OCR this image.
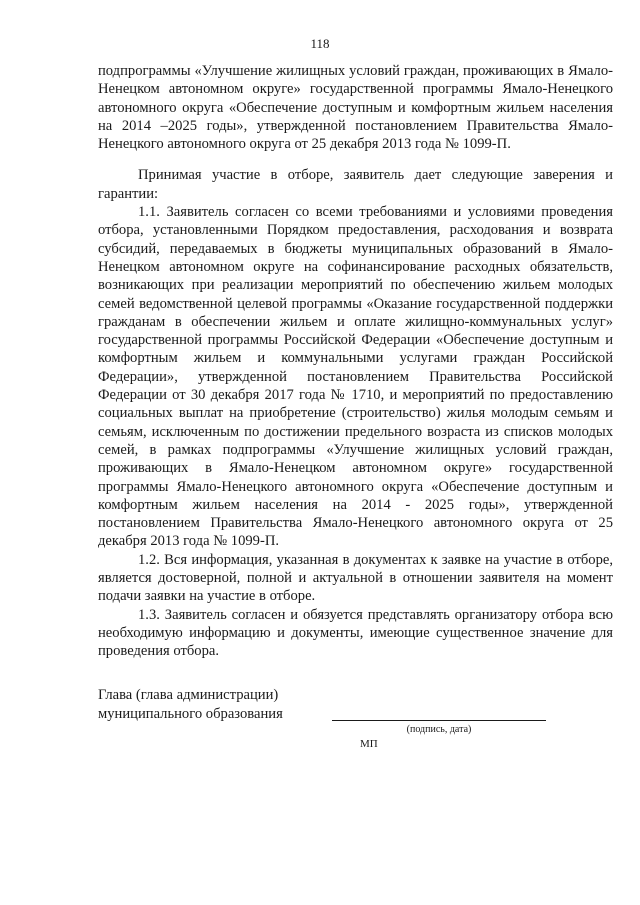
118

подпрограммы «Улучшение жилищных условий граждан, проживающих в Ямало-Ненецком автономном округе» государственной программы Ямало-Ненецкого автономного округа «Обеспечение доступным и комфортным жильем населения на 2014 –2025 годы», утвержденной постановлением Правительства Ямало-Ненецкого автономного округа от 25 декабря 2013 года № 1099-П.

Принимая участие в отборе, заявитель дает следующие заверения и гарантии:

1.1. Заявитель согласен со всеми требованиями и условиями проведения отбора, установленными Порядком предоставления, расходования и возврата субсидий, передаваемых в бюджеты муниципальных образований в Ямало-Ненецком автономном округе на софинансирование расходных обязательств, возникающих при реализации мероприятий по обеспечению жильем молодых семей ведомственной целевой программы «Оказание государственной поддержки гражданам в обеспечении жильем и оплате жилищно-коммунальных услуг» государственной программы Российской Федерации «Обеспечение доступным и комфортным жильем и коммунальными услугами граждан Российской Федерации», утвержденной постановлением Правительства Российской Федерации от 30 декабря 2017 года № 1710, и мероприятий по предоставлению социальных выплат на приобретение (строительство) жилья молодым семьям и семьям, исключенным по достижении предельного возраста из списков молодых семей, в рамках подпрограммы «Улучшение жилищных условий граждан, проживающих в Ямало-Ненецком автономном округе» государственной программы Ямало-Ненецкого автономного округа «Обеспечение доступным и комфортным жильем населения на 2014 - 2025 годы», утвержденной постановлением Правительства Ямало-Ненецкого автономного округа от 25 декабря 2013 года № 1099-П.

1.2. Вся информация, указанная в документах к заявке на участие в отборе, является достоверной, полной и актуальной в отношении заявителя на момент подачи заявки на участие в отборе.

1.3. Заявитель согласен и обязуется представлять организатору отбора всю необходимую информацию и документы, имеющие существенное значение для проведения отбора.

Глава (глава администрации)
муниципального образования
(подпись, дата)
МП
